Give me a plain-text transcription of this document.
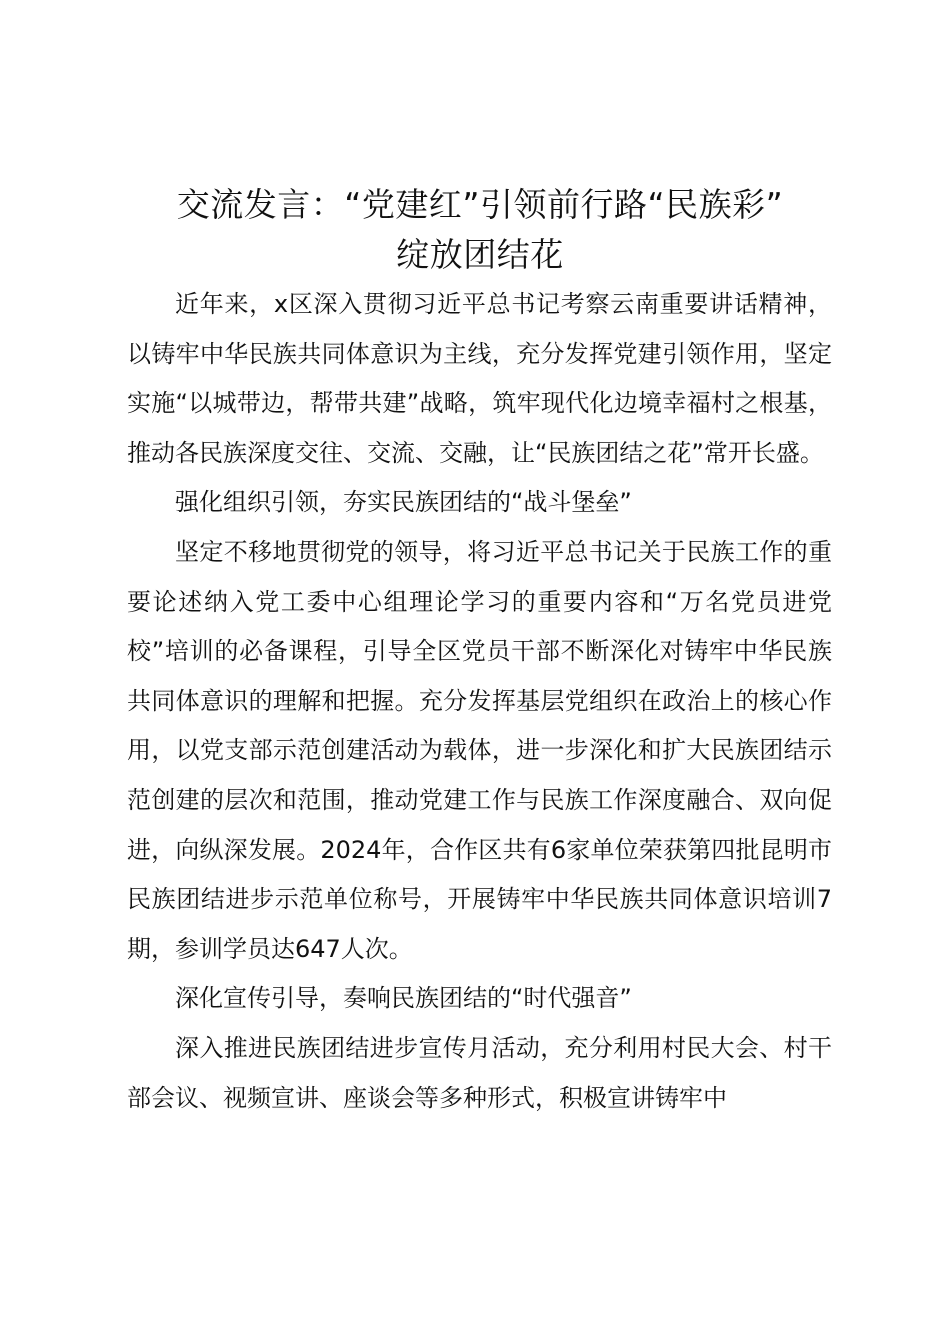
交流发言：“党建红”引领前行路“民族彩”
绽放团结花

近年来，x区深入贯彻习近平总书记考察云南重要讲话精神，以铸牢中华民族共同体意识为主线，充分发挥党建引领作用，坚定实施“以城带边，帮带共建”战略，筑牢现代化边境幸福村之根基，推动各民族深度交往、交流、交融，让“民族团结之花”常开长盛。

强化组织引领，夯实民族团结的“战斗堡垒”

坚定不移地贯彻党的领导，将习近平总书记关于民族工作的重要论述纳入党工委中心组理论学习的重要内容和“万名党员进党校”培训的必备课程，引导全区党员干部不断深化对铸牢中华民族共同体意识的理解和把握。充分发挥基层党组织在政治上的核心作用，以党支部示范创建活动为载体，进一步深化和扩大民族团结示范创建的层次和范围，推动党建工作与民族工作深度融合、双向促进，向纵深发展。2024年，合作区共有6家单位荣获第四批昆明市民族团结进步示范单位称号，开展铸牢中华民族共同体意识培训7期，参训学员达647人次。

深化宣传引导，奏响民族团结的“时代强音”

深入推进民族团结进步宣传月活动，充分利用村民大会、村干部会议、视频宣讲、座谈会等多种形式，积极宣讲铸牢中
